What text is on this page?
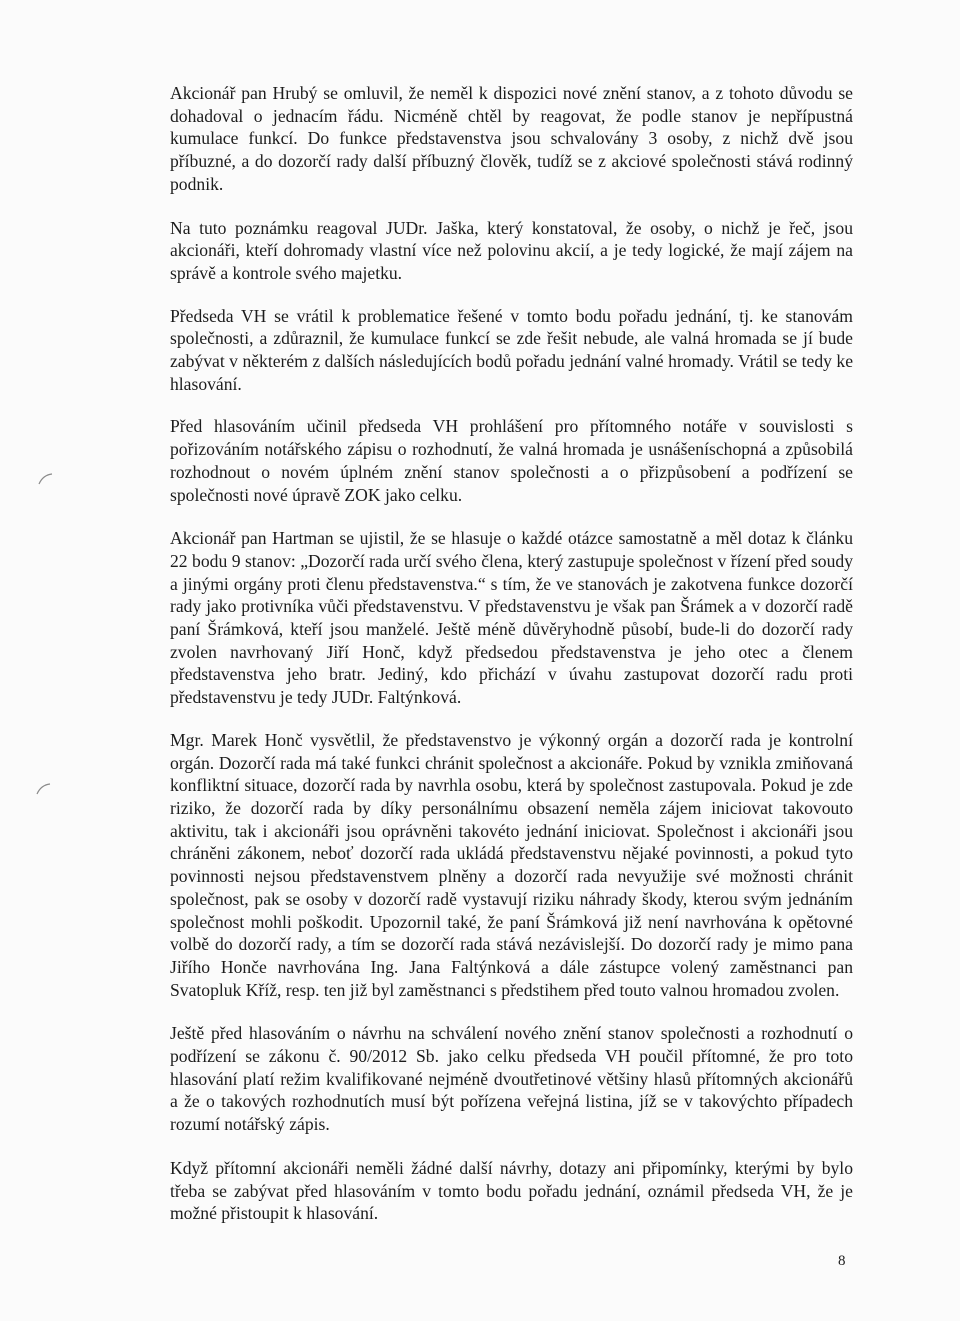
Akcionář pan Hrubý se omluvil, že neměl k dispozici nové znění stanov, a z tohoto důvodu se dohadoval o jednacím řádu. Nicméně chtěl by reagovat, že podle stanov je nepřípustná kumulace funkcí. Do funkce představenstva jsou schvalovány 3 osoby, z nichž dvě jsou příbuzné, a do dozorčí rady další příbuzný člověk, tudíž se z akciové společnosti stává rodinný podnik.

Na tuto poznámku reagoval JUDr. Jaška, který konstatoval, že osoby, o nichž je řeč, jsou akcionáři, kteří dohromady vlastní více než polovinu akcií, a je tedy logické, že mají zájem na správě a kontrole svého majetku.

Předseda VH se vrátil k problematice řešené v tomto bodu pořadu jednání, tj. ke stanovám společnosti, a zdůraznil, že kumulace funkcí se zde řešit nebude, ale valná hromada se jí bude zabývat v některém z dalších následujících bodů pořadu jednání valné hromady. Vrátil se tedy ke hlasování.

Před hlasováním učinil předseda VH prohlášení pro přítomného notáře v souvislosti s pořizováním notářského zápisu o rozhodnutí, že valná hromada je usnášeníschopná a způsobilá rozhodnout o novém úplném znění stanov společnosti a o přizpůsobení a podřízení se společnosti nové úpravě ZOK jako celku.

Akcionář pan Hartman se ujistil, že se hlasuje o každé otázce samostatně a měl dotaz k článku 22 bodu 9 stanov: „Dozorčí rada určí svého člena, který zastupuje společnost v řízení před soudy a jinými orgány proti členu představenstva.“ s tím, že ve stanovách je zakotvena funkce dozorčí rady jako protivníka vůči představenstvu. V představenstvu je však pan Šrámek a v dozorčí radě paní Šrámková, kteří jsou manželé. Ještě méně důvěryhodně působí, bude-li do dozorčí rady zvolen navrhovaný Jiří Honč, když předsedou představenstva je jeho otec a členem představenstva jeho bratr. Jediný, kdo přichází v úvahu zastupovat dozorčí radu proti představenstvu je tedy JUDr. Faltýnková.

Mgr. Marek Honč vysvětlil, že představenstvo je výkonný orgán a dozorčí rada je kontrolní orgán. Dozorčí rada má také funkci chránit společnost a akcionáře. Pokud by vznikla zmiňovaná konfliktní situace, dozorčí rada by navrhla osobu, která by společnost zastupovala. Pokud je zde riziko, že dozorčí rada by díky personálnímu obsazení neměla zájem iniciovat takovouto aktivitu, tak i akcionáři jsou oprávněni takovéto jednání iniciovat. Společnost i akcionáři jsou chráněni zákonem, neboť dozorčí rada ukládá představenstvu nějaké povinnosti, a pokud tyto povinnosti nejsou představenstvem plněny a dozorčí rada nevyužije své možnosti chránit společnost, pak se osoby v dozorčí radě vystavují riziku náhrady škody, kterou svým jednáním společnost mohli poškodit. Upozornil také, že paní Šrámková již není navrhována k opětovné volbě do dozorčí rady, a tím se dozorčí rada stává nezávislejší. Do dozorčí rady je mimo pana Jiřího Honče navrhována Ing. Jana Faltýnková a dále zástupce volený zaměstnanci pan Svatopluk Kříž, resp. ten již byl zaměstnanci s předstihem před touto valnou hromadou zvolen.

Ještě před hlasováním o návrhu na schválení nového znění stanov společnosti a rozhodnutí o podřízení se zákonu č. 90/2012 Sb. jako celku předseda VH poučil přítomné, že pro toto hlasování platí režim kvalifikované nejméně dvoutřetinové většiny hlasů přítomných akcionářů a že o takových rozhodnutích musí být pořízena veřejná listina, jíž se v takovýchto případech rozumí notářský zápis.

Když přítomní akcionáři neměli žádné další návrhy, dotazy ani připomínky, kterými by bylo třeba se zabývat před hlasováním v tomto bodu pořadu jednání, oznámil předseda VH, že je možné přistoupit k hlasování.

8
